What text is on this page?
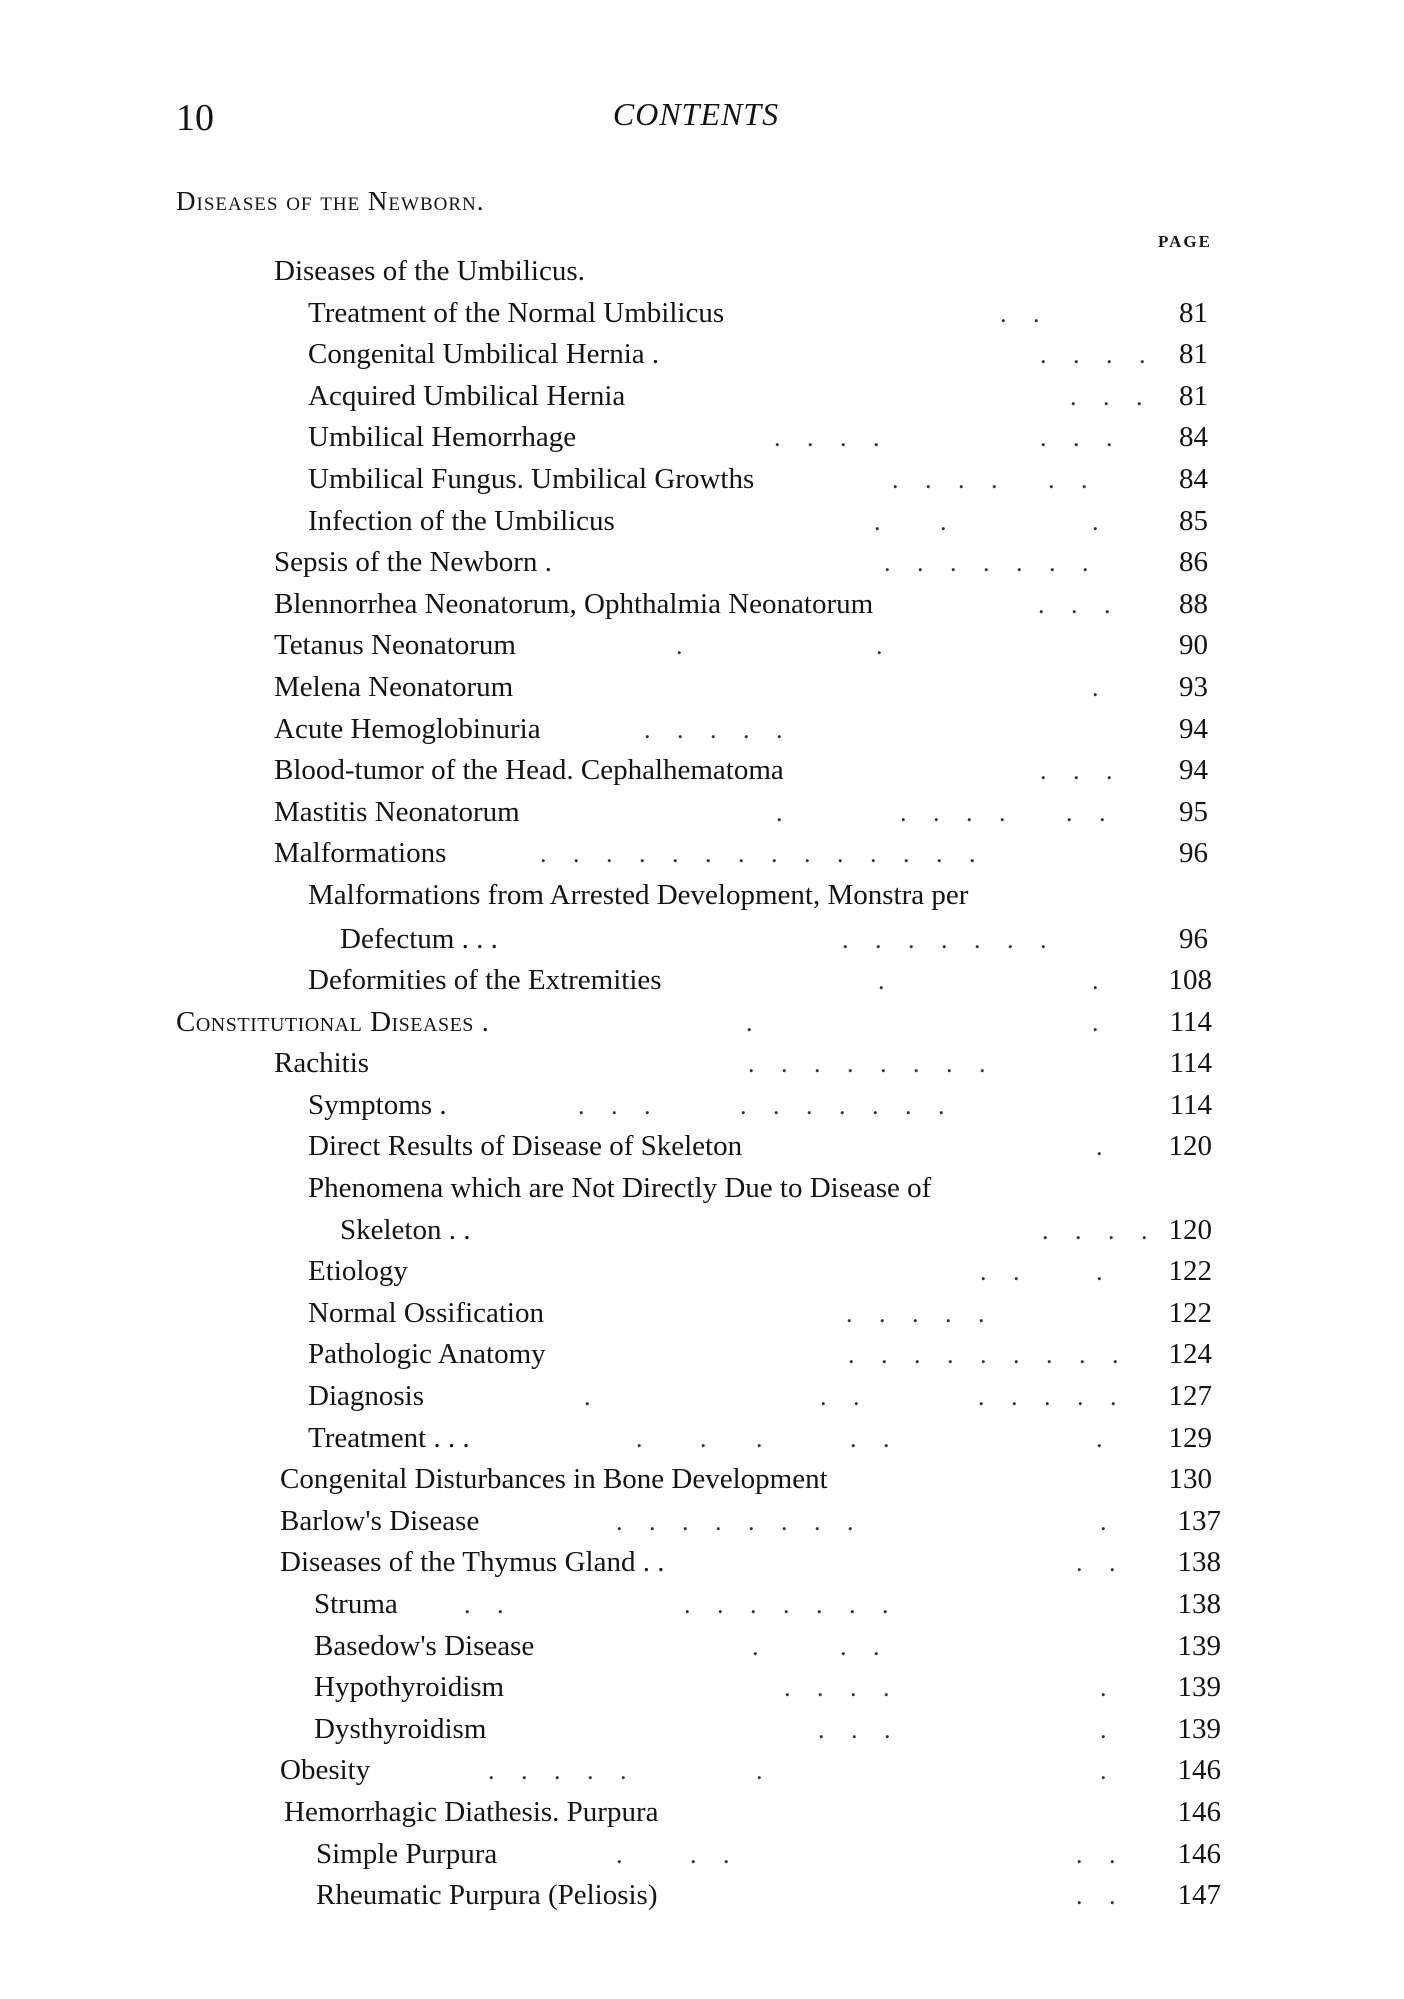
10	CONTENTS
Diseases of the Newborn.
PAGE
Diseases of the Umbilicus.
Treatment of the Normal Umbilicus	. .	81
Congenital Umbilical Hernia .	. . . . 81
Acquired Umbilical Hernia	. . . 81
Umbilical Hemorrhage	. . . .	. . .	84
Umbilical Fungus. Umbilical Growths	. . . . . .	84
Infection of the Umbilicus	. .	.	85
Sepsis of the Newborn .	. . . . . . .	86
Blennorrhea Neonatorum, Ophthalmia Neonatorum	. . .	88
Tetanus Neonatorum	.	.	90
Melena Neonatorum	.	93
Acute Hemoglobinuria	. . . . .	94
Blood-tumor of the Head. Cephalhematoma	. . .	94
Mastitis Neonatorum	.	. . . . . .	95
Malformations	. . . . . . . . . . . . . .	96
Malformations from Arrested Development, Monstra per
Defectum . . .	. . . . . . .	96
Deformities of the Extremities	.	.	108
Constitutional Diseases .	.	.	114
Rachitis	. . . . . . . .	114
Symptoms .	. . .	. . . . . . .	114
Direct Results of Disease of Skeleton	.	120
Phenomena which are Not Directly Due to Disease of
Skeleton . .	. . . . 120
Etiology	. .	.	122
Normal Ossification	. . . . .	122
Pathologic Anatomy	. . . . . . . . .	124
Diagnosis	.	. .	. . . . .	127
Treatment . . .	. . .	. .	.	129
Congenital Disturbances in Bone Development	130
Barlow's Disease	. . . . . . . .	.	137
Diseases of the Thymus Gland . .	. .	138
Struma	. .	. . . . . . .	138
Basedow's Disease	.	. .	139
Hypothyroidism	. . . .	.	139
Dysthyroidism	. . .	.	139
Obesity	. . . . .	.	.	146
Hemorrhagic Diathesis. Purpura	146
Simple Purpura	. . .	. .	146
Rheumatic Purpura (Peliosis)	. .	147
